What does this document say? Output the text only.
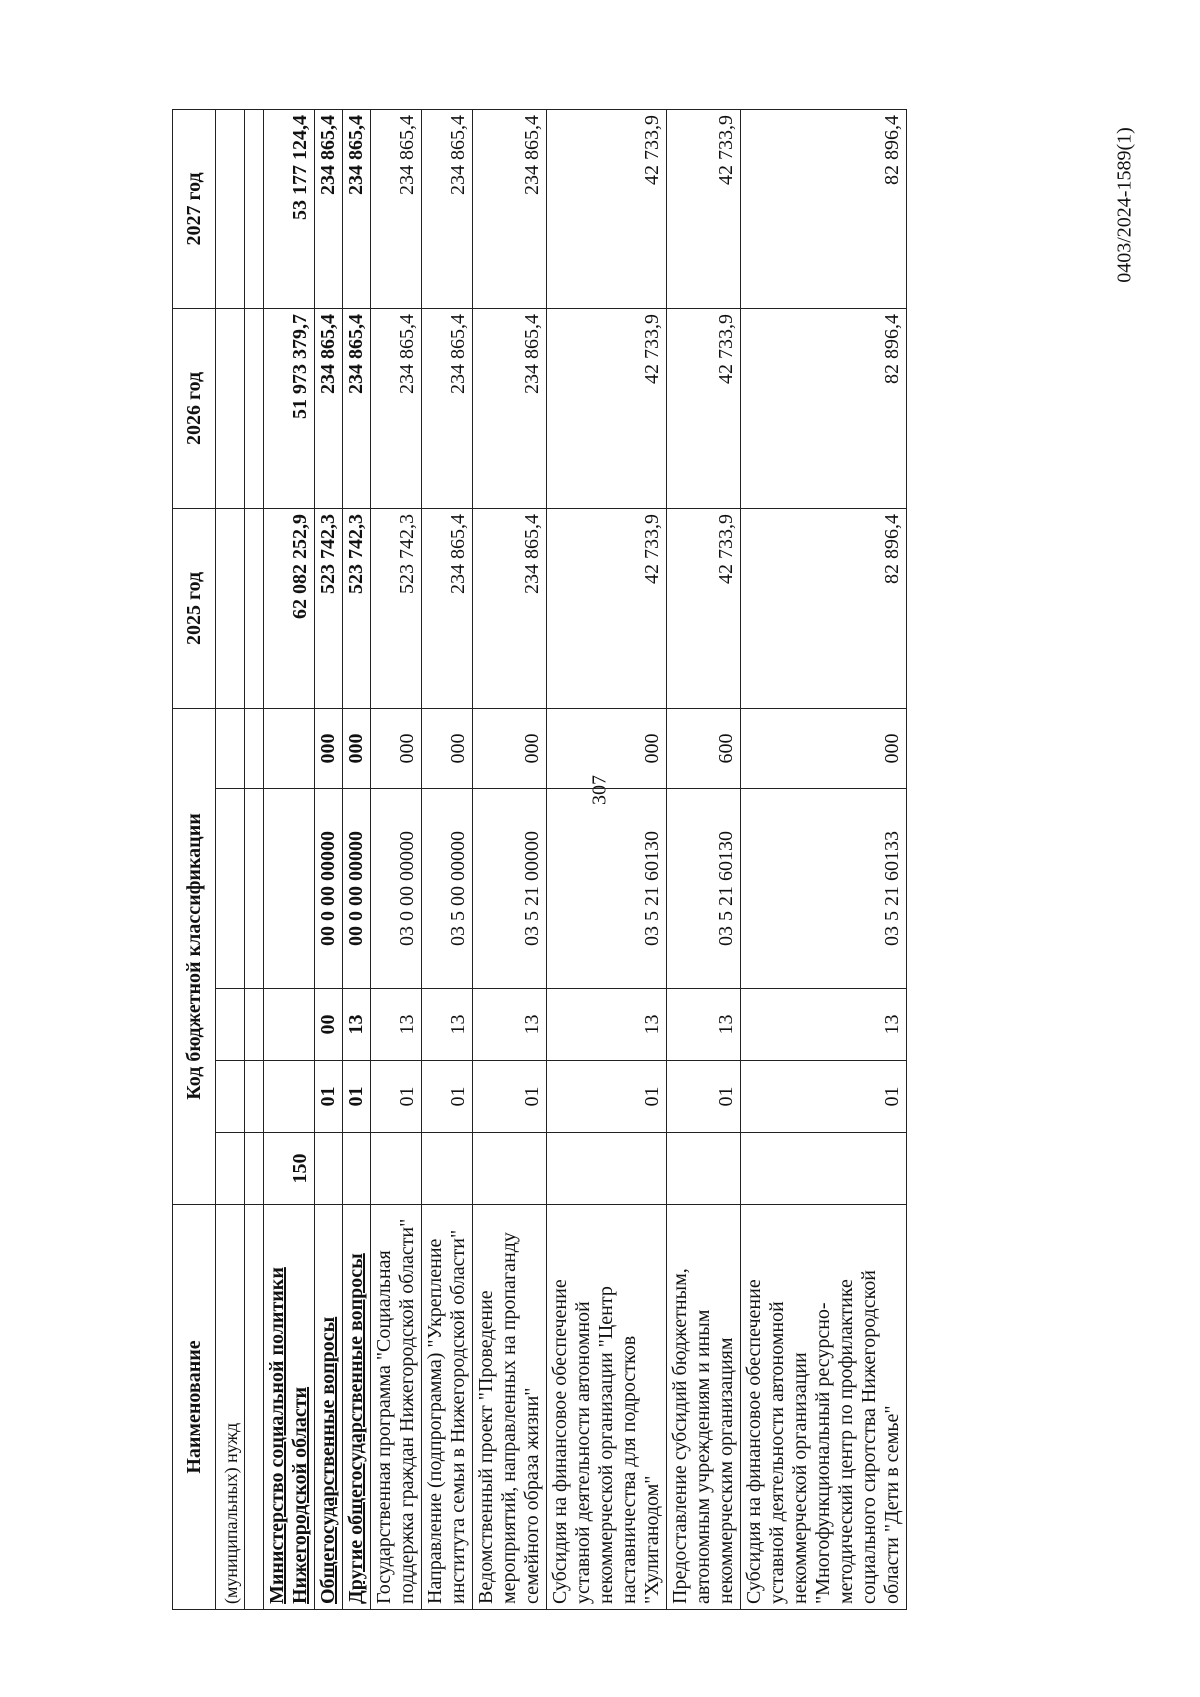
307
0403/2024-1589(1)
Наименование	Код бюджетной классификации					2025 год	2026 год	2027 год
(муниципальных) нужд								

Министерство социальной политики Нижегородской области	150					62 082 252,9	51 973 379,7	53 177 124,4
Общегосударственные вопросы		01	00	00 0 00 00000	000	523 742,3	234 865,4	234 865,4
Другие общегосударственные вопросы		01	13	00 0 00 00000	000	523 742,3	234 865,4	234 865,4
Государственная программа "Социальная поддержка граждан Нижегородской области"		01	13	03 0 00 00000	000	523 742,3	234 865,4	234 865,4
Направление (подпрограмма) "Укрепление института семьи в Нижегородской области"		01	13	03 5 00 00000	000	234 865,4	234 865,4	234 865,4
Ведомственный проект "Проведение мероприятий, направленных на пропаганду семейного образа жизни"		01	13	03 5 21 00000	000	234 865,4	234 865,4	234 865,4
Субсидия на финансовое обеспечение уставной деятельности автономной некоммерческой организации "Центр наставничества для подростков "Хулиганодом"		01	13	03 5 21 60130	000	42 733,9	42 733,9	42 733,9
Предоставление субсидий бюджетным, автономным учреждениям и иным некоммерческим организациям		01	13	03 5 21 60130	600	42 733,9	42 733,9	42 733,9
Субсидия на финансовое обеспечение уставной деятельности автономной некоммерческой организации "Многофункциональный ресурсно-методический центр по профилактике социального сиротства Нижегородской области "Дети в семье"		01	13	03 5 21 60133	000	82 896,4	82 896,4	82 896,4
